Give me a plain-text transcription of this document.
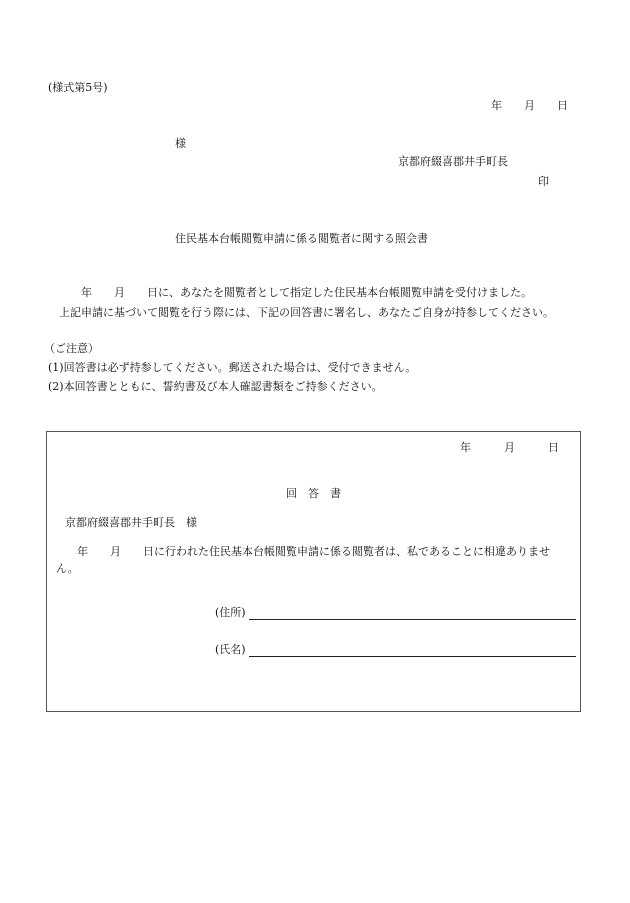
(様式第5号)
年　　月　　日
様
京都府綴喜郡井手町長
印
住民基本台帳閲覧申請に係る閲覧者に関する照会書
年　　月　　日に、あなたを閲覧者として指定した住民基本台帳閲覧申請を受付けました。
上記申請に基づいて閲覧を行う際には、下記の回答書に署名し、あなたご自身が持参してください。
（ご注意）
(1)回答書は必ず持参してください。郵送された場合は、受付できません。
(2)本回答書とともに、誓約書及び本人確認書類をご持参ください。
年　　　月　　　日
回　答　書
京都府綴喜郡井手町長　様
年　　月　　日に行われた住民基本台帳閲覧申請に係る閲覧者は、私であることに相違ありませ
ん。
(住所)
(氏名)
